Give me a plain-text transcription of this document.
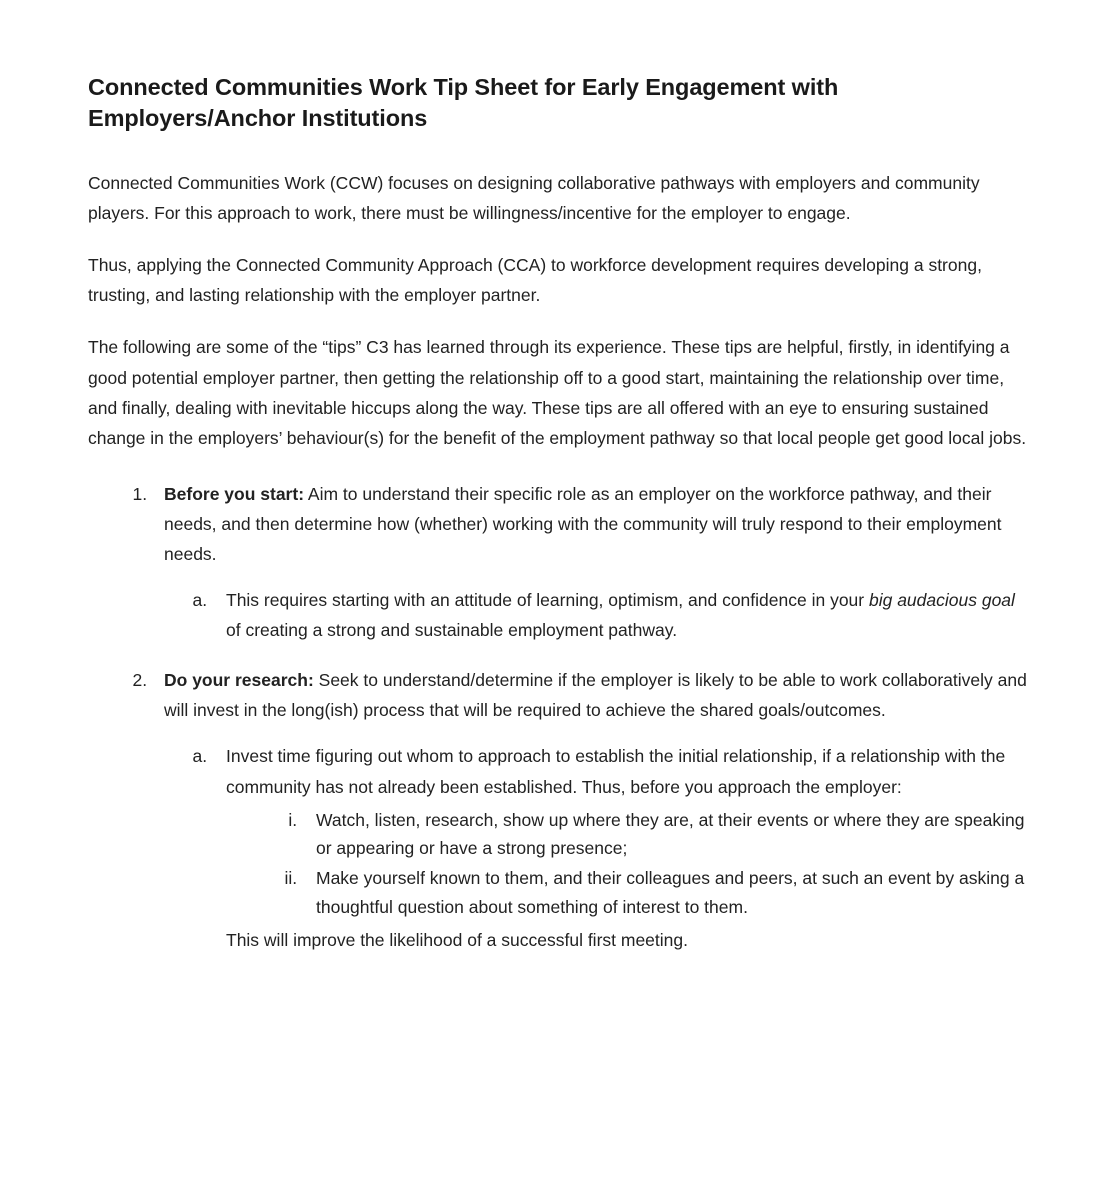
Connected Communities Work Tip Sheet for Early Engagement with Employers/Anchor Institutions

Connected Communities Work (CCW) focuses on designing collaborative pathways with employers and community players. For this approach to work, there must be willingness/incentive for the employer to engage.

Thus, applying the Connected Community Approach (CCA) to workforce development requires developing a strong, trusting, and lasting relationship with the employer partner.

The following are some of the “tips” C3 has learned through its experience. These tips are helpful, firstly, in identifying a good potential employer partner, then getting the relationship off to a good start, maintaining the relationship over time, and finally, dealing with inevitable hiccups along the way. These tips are all offered with an eye to ensuring sustained change in the employers’ behaviour(s) for the benefit of the employment pathway so that local people get good local jobs.

1. Before you start: Aim to understand their specific role as an employer on the workforce pathway, and their needs, and then determine how (whether) working with the community will truly respond to their employment needs.
a. This requires starting with an attitude of learning, optimism, and confidence in your big audacious goal of creating a strong and sustainable employment pathway.
2. Do your research: Seek to understand/determine if the employer is likely to be able to work collaboratively and will invest in the long(ish) process that will be required to achieve the shared goals/outcomes.
a. Invest time figuring out whom to approach to establish the initial relationship, if a relationship with the community has not already been established. Thus, before you approach the employer:
i. Watch, listen, research, show up where they are, at their events or where they are speaking or appearing or have a strong presence;
ii. Make yourself known to them, and their colleagues and peers, at such an event by asking a thoughtful question about something of interest to them.
This will improve the likelihood of a successful first meeting.
